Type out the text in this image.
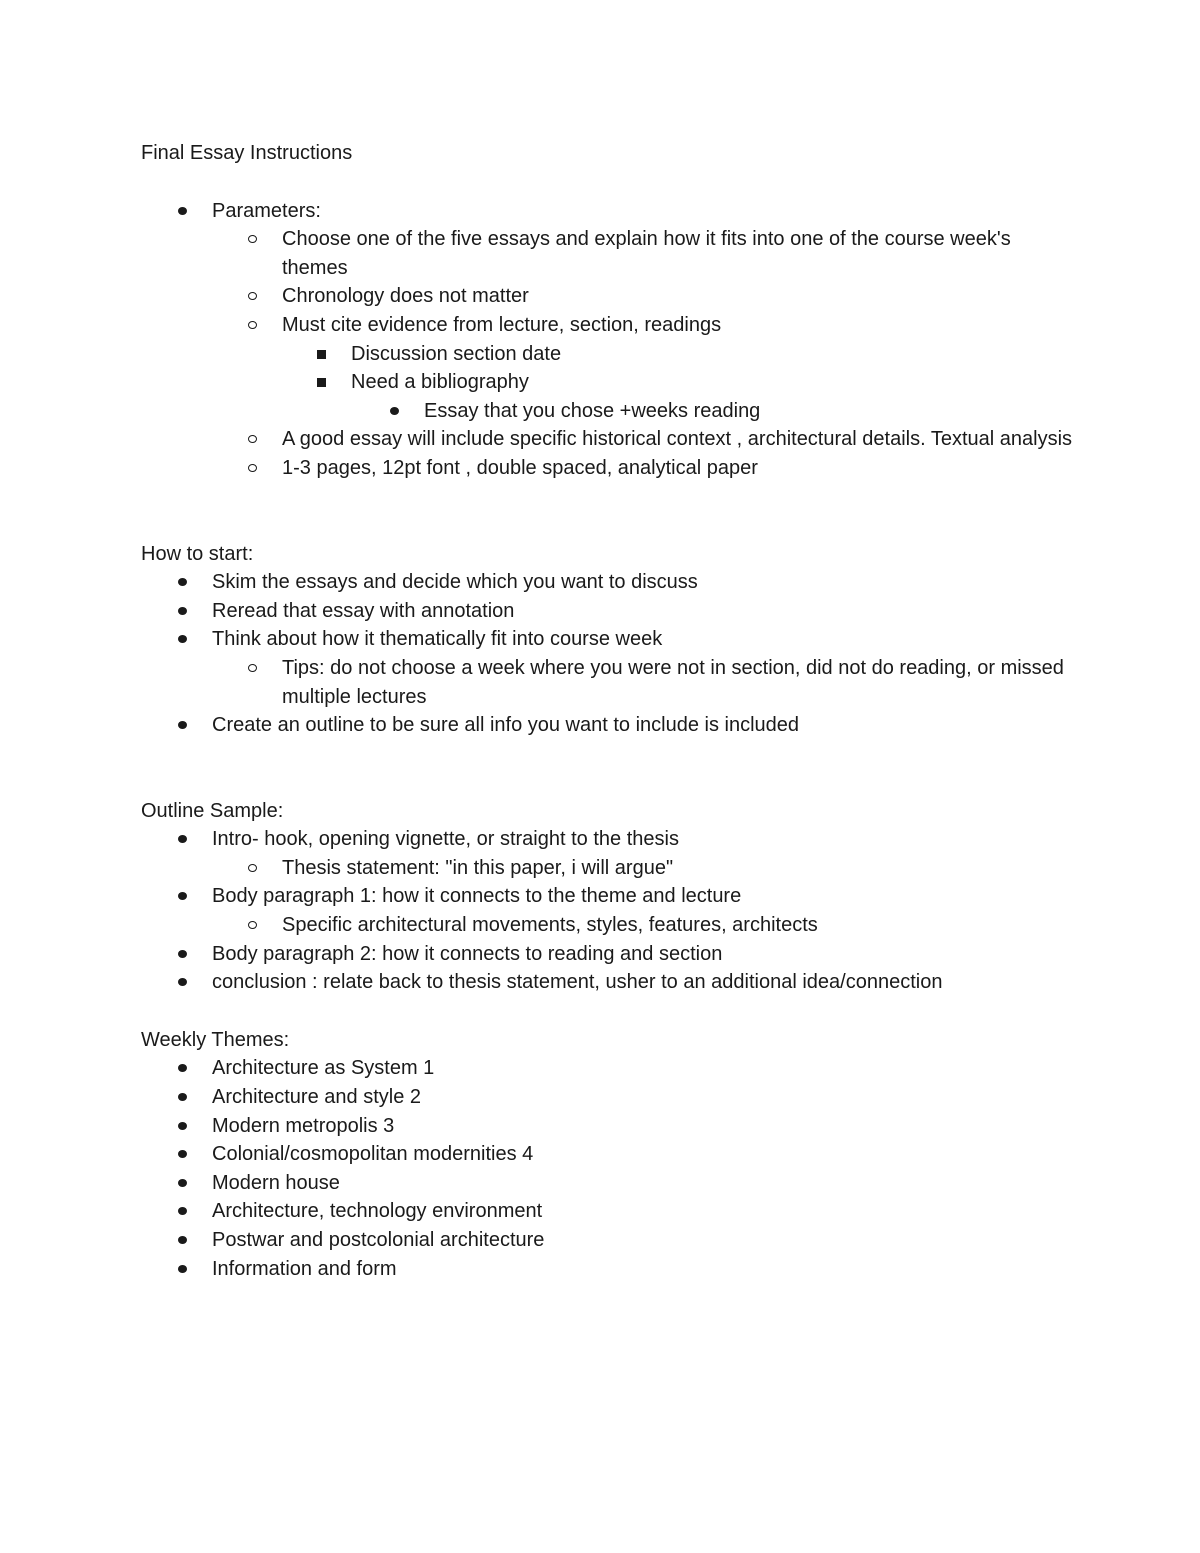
Final Essay Instructions

Parameters:
Choose one of the five essays and explain how it fits into one of the course week's themes
Chronology does not matter
Must cite evidence from lecture, section, readings
Discussion section date
Need a bibliography
Essay that you chose +weeks reading
A good essay will include specific historical context , architectural details. Textual analysis
1-3 pages, 12pt font , double spaced, analytical paper

How to start:

Skim the essays and decide which you want to discuss
Reread that essay with annotation
Think about how it thematically fit into course week
Tips: do not choose a week where you were not in section, did not do reading, or missed multiple lectures
Create an outline to be sure all info you want to include is included

Outline Sample:

Intro- hook, opening vignette, or straight to the thesis
Thesis statement: "in this paper, i will argue"
Body paragraph 1: how it connects to the theme and lecture
Specific architectural movements, styles, features, architects
Body paragraph 2: how it connects to reading and section
conclusion : relate back to thesis statement, usher to an additional idea/connection

Weekly Themes:

Architecture as System 1
Architecture and style 2
Modern metropolis 3
Colonial/cosmopolitan modernities 4
Modern house
Architecture, technology environment
Postwar and postcolonial architecture
Information and form
